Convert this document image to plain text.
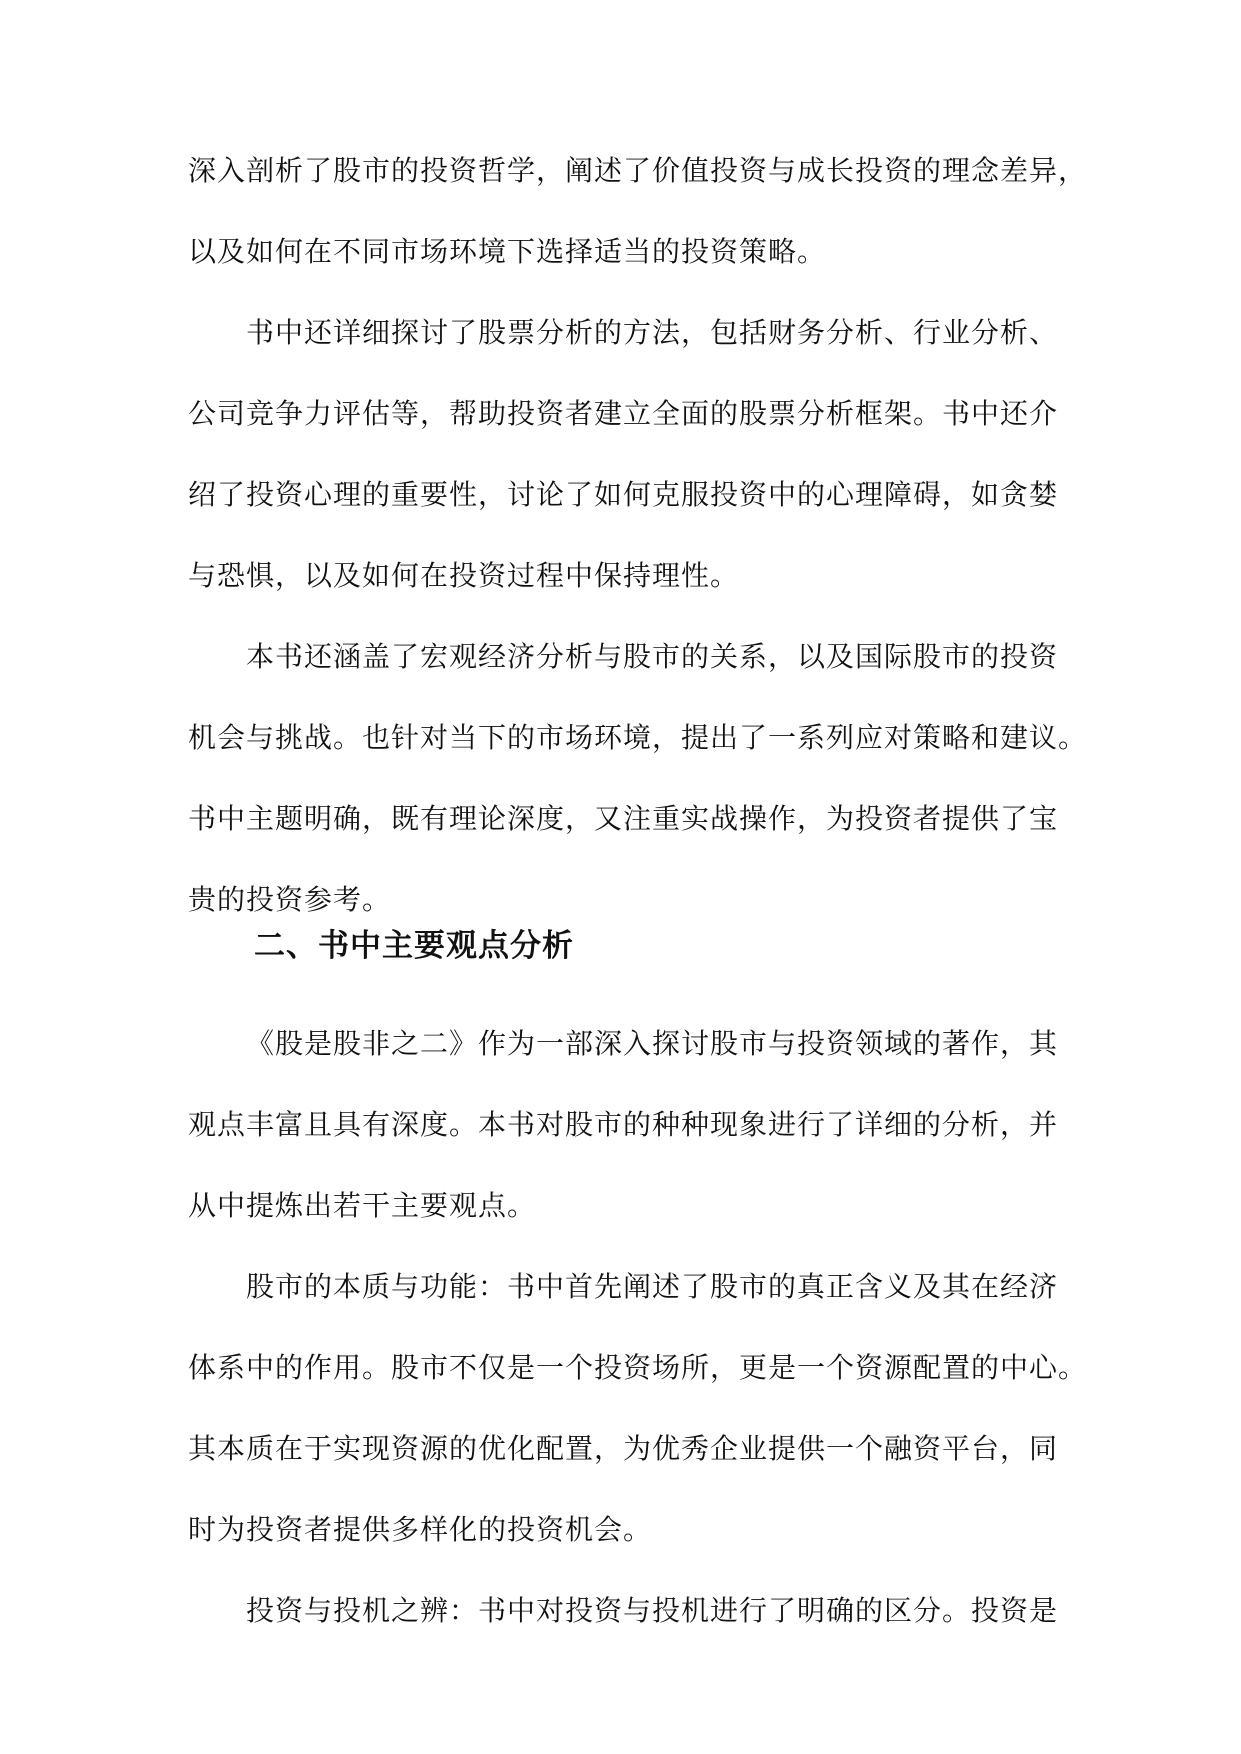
深入剖析了股市的投资哲学，阐述了价值投资与成长投资的理念差异，
以及如何在不同市场环境下选择适当的投资策略。
书中还详细探讨了股票分析的方法，包括财务分析、行业分析、
公司竞争力评估等，帮助投资者建立全面的股票分析框架。书中还介
绍了投资心理的重要性，讨论了如何克服投资中的心理障碍，如贪婪
与恐惧，以及如何在投资过程中保持理性。
本书还涵盖了宏观经济分析与股市的关系，以及国际股市的投资
机会与挑战。也针对当下的市场环境，提出了一系列应对策略和建议。
书中主题明确，既有理论深度，又注重实战操作，为投资者提供了宝
贵的投资参考。
二、书中主要观点分析
《股是股非之二》作为一部深入探讨股市与投资领域的著作，其
观点丰富且具有深度。本书对股市的种种现象进行了详细的分析，并
从中提炼出若干主要观点。
股市的本质与功能：书中首先阐述了股市的真正含义及其在经济
体系中的作用。股市不仅是一个投资场所，更是一个资源配置的中心。
其本质在于实现资源的优化配置，为优秀企业提供一个融资平台，同
时为投资者提供多样化的投资机会。
投资与投机之辨：书中对投资与投机进行了明确的区分。投资是
